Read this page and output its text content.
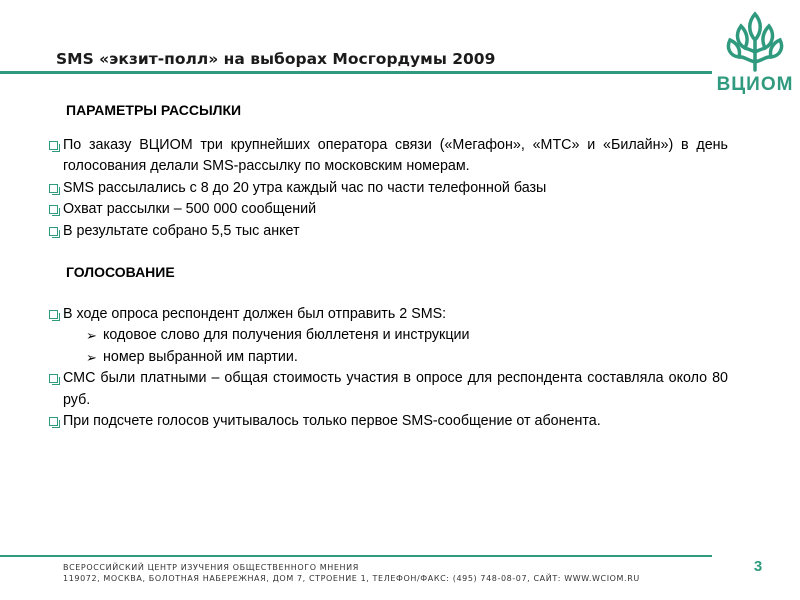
SMS «экзит-полл» на выборах Мосгордумы 2009
ВЦИОМ
ПАРАМЕТРЫ РАССЫЛКИ
По заказу ВЦИОМ три крупнейших оператора связи («Мегафон», «МТС» и «Билайн») в день голосования делали SMS-рассылку по московским номерам.
SMS рассылались с 8 до 20 утра каждый час по части телефонной базы
Охват рассылки – 500 000 сообщений
В результате собрано 5,5 тыс анкет
ГОЛОСОВАНИЕ
В ходе опроса респондент должен был отправить 2 SMS:
➢ кодовое слово для получения бюллетеня и инструкции
➢ номер выбранной им партии.
СМС были платными – общая стоимость участия в опросе для респондента составляла около 80 руб.
При подсчете голосов учитывалось только первое SMS-сообщение от абонента.
ВСЕРОССИЙСКИЙ ЦЕНТР ИЗУЧЕНИЯ ОБЩЕСТВЕННОГО МНЕНИЯ
119072, МОСКВА, БОЛОТНАЯ НАБЕРЕЖНАЯ, ДОМ 7, СТРОЕНИЕ 1, ТЕЛЕФОН/ФАКС: (495) 748-08-07, САЙТ: WWW.WCIOM.RU
3
